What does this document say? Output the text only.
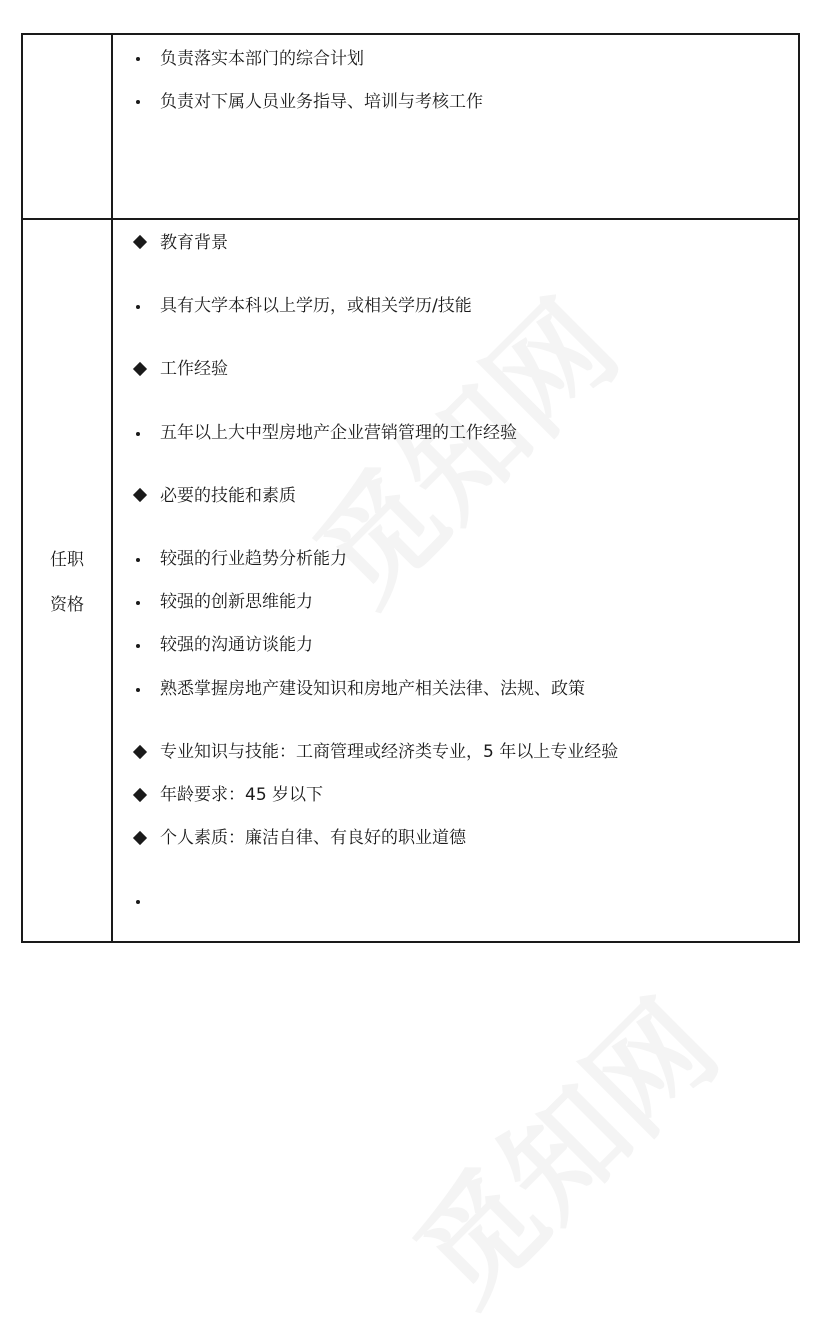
负责落实本部门的综合计划
负责对下属人员业务指导、培训与考核工作
任职
资格
教育背景
具有大学本科以上学历，或相关学历/技能
工作经验
五年以上大中型房地产企业营销管理的工作经验
必要的技能和素质
较强的行业趋势分析能力
较强的创新思维能力
较强的沟通访谈能力
熟悉掌握房地产建设知识和房地产相关法律、法规、政策
专业知识与技能：工商管理或经济类专业，5 年以上专业经验
年龄要求：45 岁以下
个人素质：廉洁自律、有良好的职业道德
